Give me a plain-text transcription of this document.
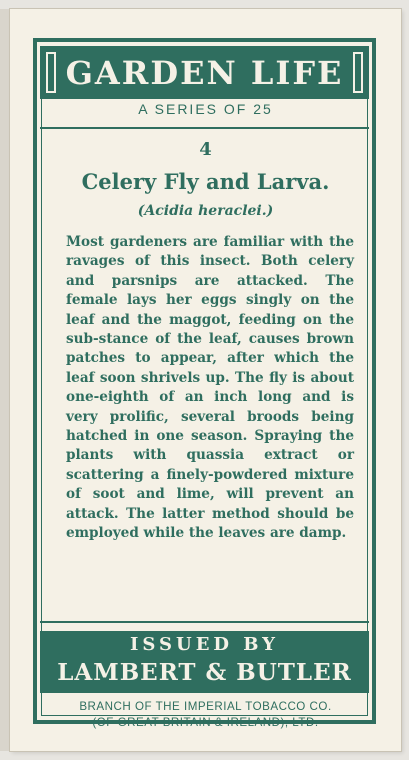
GARDEN LIFE
A SERIES OF 25
4
Celery Fly and Larva.
(Acidia heraclei.)
Most gardeners are familiar with the ravages of this insect. Both celery and parsnips are attacked. The female lays her eggs singly on the leaf and the maggot, feeding on the sub-stance of the leaf, causes brown patches to appear, after which the leaf soon shrivels up. The fly is about one-eighth of an inch long and is very prolific, several broods being hatched in one season. Spraying the plants with quassia extract or scattering a finely-powdered mixture of soot and lime, will prevent an attack. The latter method should be employed while the leaves are damp.
ISSUED BY
LAMBERT & BUTLER
BRANCH OF THE IMPERIAL TOBACCO CO.
(OF GREAT BRITAIN & IRELAND), LTD.
